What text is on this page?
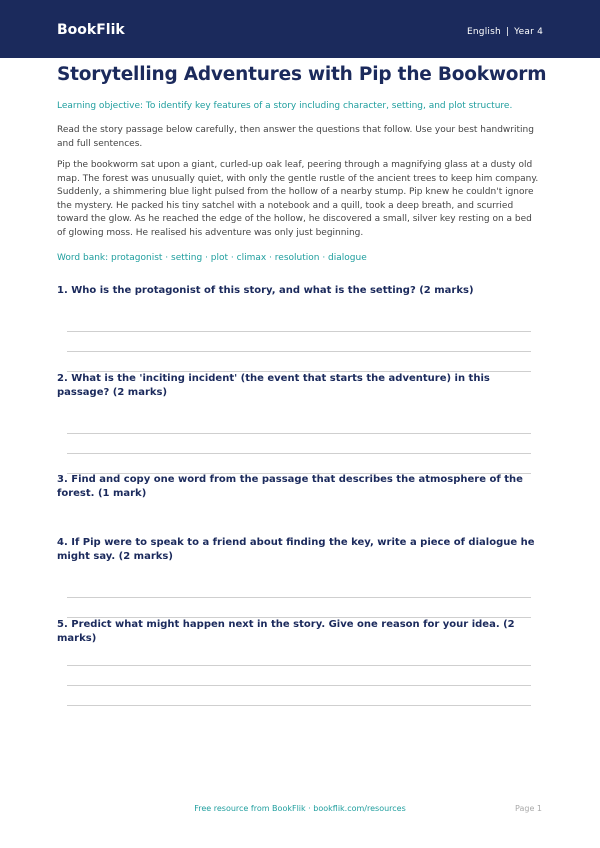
BookFlik	English | Year 4
Storytelling Adventures with Pip the Bookworm
Learning objective: To identify key features of a story including character, setting, and plot structure.

Read the story passage below carefully, then answer the questions that follow. Use your best handwriting and full sentences.

Pip the bookworm sat upon a giant, curled-up oak leaf, peering through a magnifying glass at a dusty old map. The forest was unusually quiet, with only the gentle rustle of the ancient trees to keep him company. Suddenly, a shimmering blue light pulsed from the hollow of a nearby stump. Pip knew he couldn't ignore the mystery. He packed his tiny satchel with a notebook and a quill, took a deep breath, and scurried toward the glow. As he reached the edge of the hollow, he discovered a small, silver key resting on a bed of glowing moss. He realised his adventure was only just beginning.

Word bank: protagonist · setting · plot · climax · resolution · dialogue

1. Who is the protagonist of this story, and what is the setting? (2 marks)

2. What is the 'inciting incident' (the event that starts the adventure) in this passage? (2 marks)

3. Find and copy one word from the passage that describes the atmosphere of the forest. (1 mark)

4. If Pip were to speak to a friend about finding the key, write a piece of dialogue he might say. (2 marks)

5. Predict what might happen next in the story. Give one reason for your idea. (2 marks)

Free resource from BookFlik · bookflik.com/resources	Page 1
